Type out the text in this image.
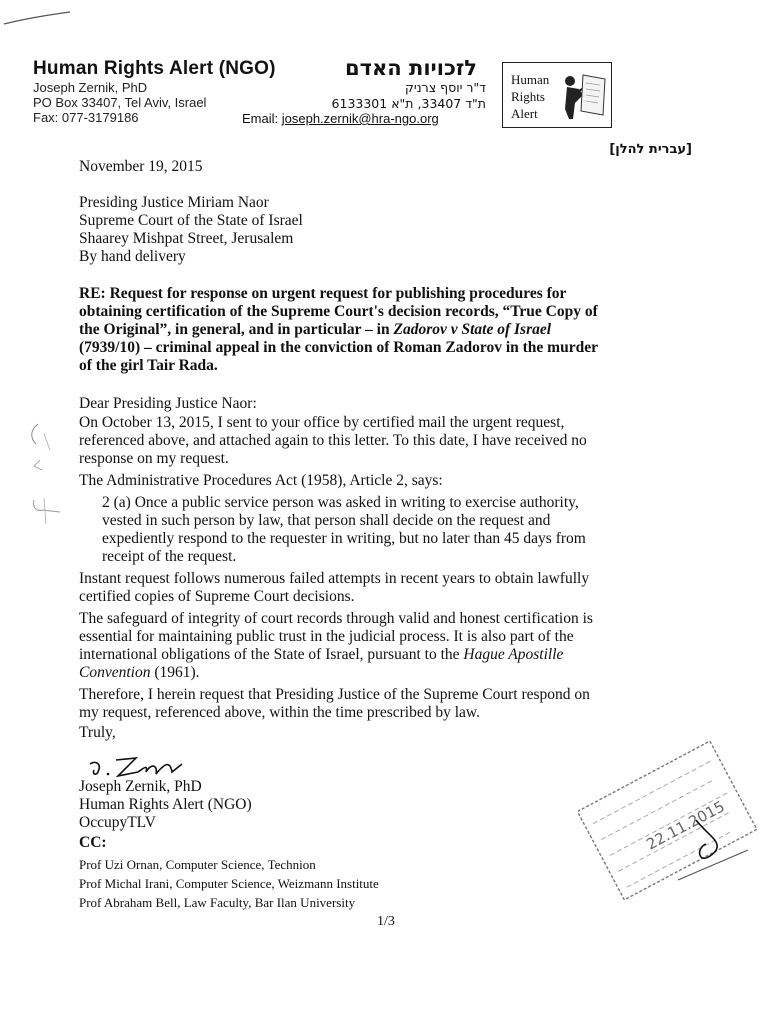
Human Rights Alert (NGO)
Joseph Zernik, PhD
PO Box 33407, Tel Aviv, Israel
Fax: 077-3179186
לזכויות האדם
ד"ר יוסף צרניק
ת"ד 33407, ת"א 6133301
Email: joseph.zernik@hra-ngo.org
Human
Rights
Alert
[עברית להלן]
November 19, 2015
Presiding Justice Miriam Naor
Supreme Court of the State of Israel
Shaarey Mishpat Street, Jerusalem
By hand delivery
RE: Request for response on urgent request for publishing procedures for
obtaining certification of the Supreme Court's decision records, “True Copy of
the Original”, in general, and in particular – in Zadorov v State of Israel
(7939/10) – criminal appeal in the conviction of Roman Zadorov in the murder
of the girl Tair Rada.
Dear Presiding Justice Naor:
On October 13, 2015, I sent to your office by certified mail the urgent request,
referenced above, and attached again to this letter. To this date, I have received no
response on my request.
The Administrative Procedures Act (1958), Article 2, says:
2 (a) Once a public service person was asked in writing to exercise authority,
vested in such person by law, that person shall decide on the request and
expediently respond to the requester in writing, but no later than 45 days from
receipt of the request.
Instant request follows numerous failed attempts in recent years to obtain lawfully
certified copies of Supreme Court decisions.
The safeguard of integrity of court records through valid and honest certification is
essential for maintaining public trust in the judicial process. It is also part of the
international obligations of the State of Israel, pursuant to the Hague Apostille
Convention (1961).
Therefore, I herein request that Presiding Justice of the Supreme Court respond on
my request, referenced above, within the time prescribed by law.
Truly,
Joseph Zernik, PhD
Human Rights Alert (NGO)
OccupyTLV
CC:
Prof Uzi Ornan, Computer Science, Technion
Prof Michal Irani, Computer Science, Weizmann Institute
Prof Abraham Bell, Law Faculty, Bar Ilan University
1/3
22.11.2015
